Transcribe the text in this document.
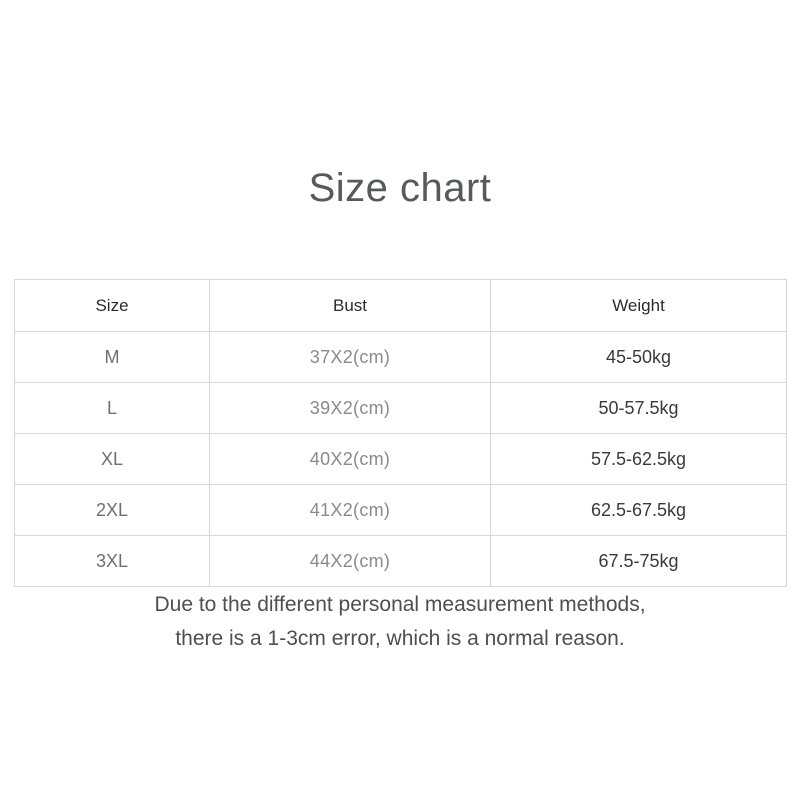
Size chart
Size	Bust	Weight
M	37X2(cm)	45-50kg
L	39X2(cm)	50-57.5kg
XL	40X2(cm)	57.5-62.5kg
2XL	41X2(cm)	62.5-67.5kg
3XL	44X2(cm)	67.5-75kg
Due to the different personal measurement methods,
there is a 1-3cm error, which is a normal reason.
